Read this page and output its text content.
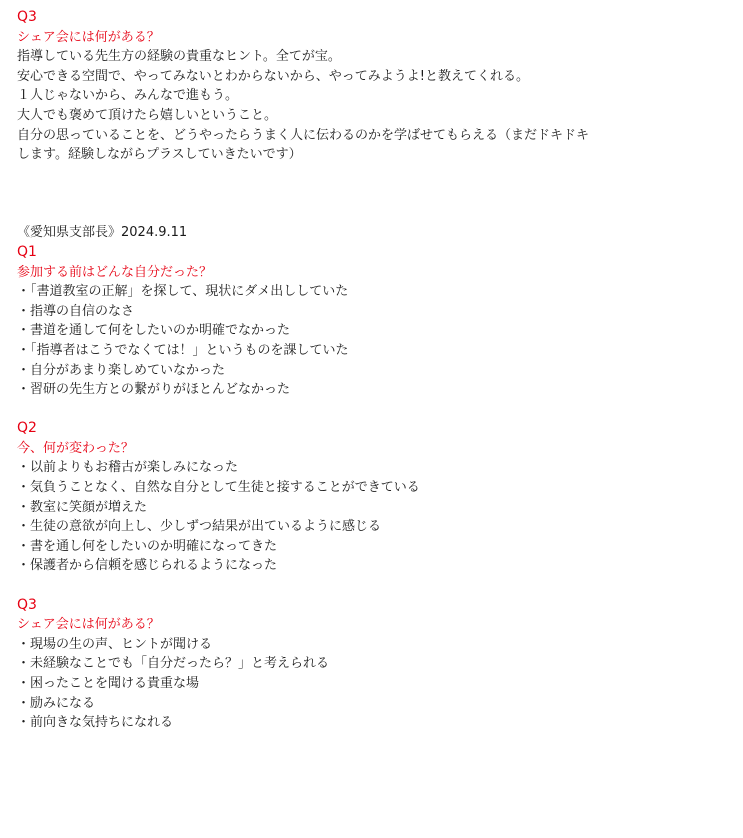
Q3

シェア会には何がある？

指導している先生方の経験の貴重なヒント。全てが宝。

安心できる空間で、やってみないとわからないから、やってみようよ!と教えてくれる。

１人じゃないから、みんなで進もう。

大人でも褒めて頂けたら嬉しいということ。

自分の思っていることを、どうやったらうまく人に伝わるのかを学ばせてもらえる（まだドキドキ

します。経験しながらプラスしていきたいです）

《愛知県支部長》2024.9.11

Q1

参加する前はどんな自分だった？

・「書道教室の正解」を探して、現状にダメ出ししていた

・指導の自信のなさ

・書道を通して何をしたいのか明確でなかった

・「指導者はこうでなくては！」というものを課していた

・自分があまり楽しめていなかった

・習研の先生方との繋がりがほとんどなかった

Q2

今、何が変わった？

・以前よりもお稽古が楽しみになった

・気負うことなく、自然な自分として生徒と接することができている

・教室に笑顔が増えた

・生徒の意欲が向上し、少しずつ結果が出ているように感じる

・書を通し何をしたいのか明確になってきた

・保護者から信頼を感じられるようになった

Q3

シェア会には何がある？

・現場の生の声、ヒントが聞ける

・未経験なことでも「自分だったら？」と考えられる

・困ったことを聞ける貴重な場

・励みになる

・前向きな気持ちになれる
